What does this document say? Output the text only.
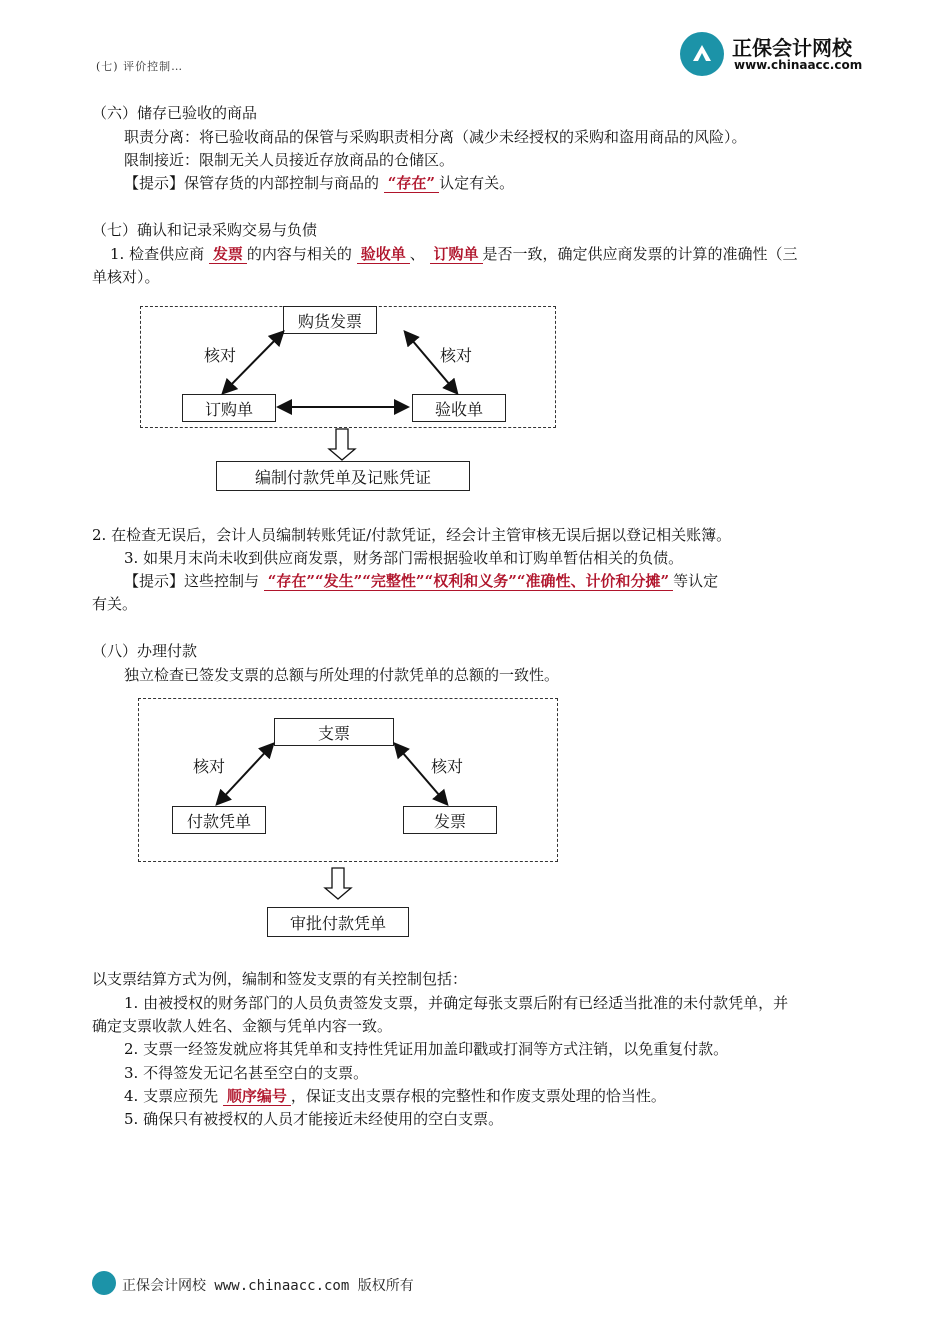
(七) 评价控制…
正保会计网校
www.chinaacc.com
（六）储存已验收的商品
职责分离：将已验收商品的保管与采购职责相分离（减少未经授权的采购和盗用商品的风险）。
限制接近：限制无关人员接近存放商品的仓储区。
【提示】保管存货的内部控制与商品的 “存在” 认定有关。
（七）确认和记录采购交易与负债
1. 检查供应商 发票 的内容与相关的 验收单 、 订购单 是否一致，确定供应商发票的计算的准确性（三
单核对）。
购货发票
订购单	验收单
核对	核对
编制付款凭单及记账凭证
2. 在检查无误后，会计人员编制转账凭证/付款凭证，经会计主管审核无误后据以登记相关账簿。
3. 如果月末尚未收到供应商发票，财务部门需根据验收单和订购单暂估相关的负债。
【提示】这些控制与 “存在”“发生”“完整性”“权利和义务”“准确性、计价和分摊” 等认定
有关。
（八）办理付款
独立检查已签发支票的总额与所处理的付款凭单的总额的一致性。
支票
付款凭单	发票
核对	核对
审批付款凭单
以支票结算方式为例，编制和签发支票的有关控制包括：
1. 由被授权的财务部门的人员负责签发支票，并确定每张支票后附有已经适当批准的未付款凭单，并
确定支票收款人姓名、金额与凭单内容一致。
2. 支票一经签发就应将其凭单和支持性凭证用加盖印戳或打洞等方式注销，以免重复付款。
3. 不得签发无记名甚至空白的支票。
4. 支票应预先 顺序编号 ，保证支出支票存根的完整性和作废支票处理的恰当性。
5. 确保只有被授权的人员才能接近未经使用的空白支票。
正保会计网校 www.chinaacc.com 版权所有
